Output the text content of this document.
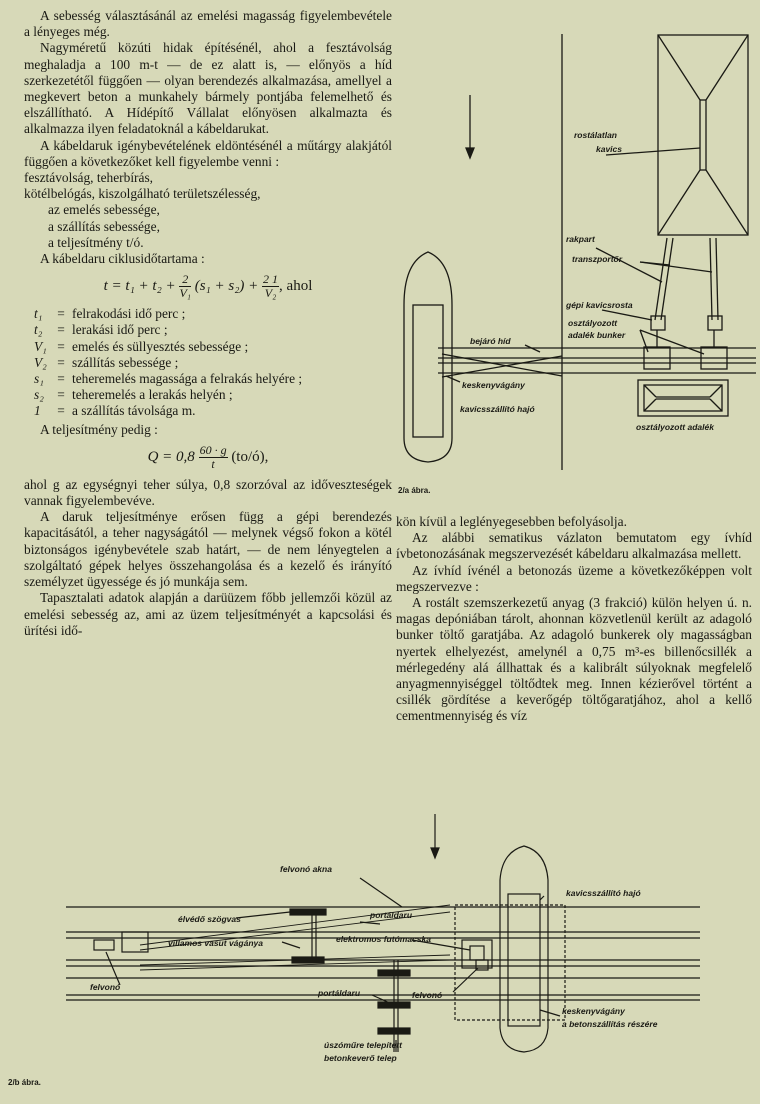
A sebesség választásánál az emelési magasság figyelembevétele a lényeges még.

Nagyméretű közúti hidak építésénél, ahol a fesztávolság meghaladja a 100 m-t — de ez alatt is, — előnyös a híd szerkezetétől függően — olyan berendezés alkalmazása, amellyel a megkevert beton a munkahely bármely pontjába felemelhető és elszállítható. A Hídépítő Vállalat előnyösen alkalmazta és alkalmazza ilyen feladatoknál a kábeldarukat.

A kábeldaruk igénybevételének eldöntésénél a műtárgy alakjától függően a következőket kell figyelembe venni :

fesztávolság, teherbírás,

kötélbelógás, kiszolgálható területszélesség,

az emelés sebessége,

a szállítás sebessége,

a teljesítmény t/ó.

A kábeldaru ciklusidőtartama :

$t = t_1 + t_2 + \frac{2}{\text{V₁}} (s_1 + s_2) + \frac{2 1}{\text{V₂}}$ , ahol
t₁	= felrakodási idő perc ;
t₂	= lerakási idő perc ;
V₁ = emelés és süllyesztés sebessége ;
V₂ = szállítás sebessége ;
s₁ = teheremelés magassága a felrakás helyére ;
s₂ = teheremelés a lerakás helyén ;
1	= a szállítás távolsága m.

A teljesítmény pedig :

$Q = 0,8 \frac{60 \cdot g}{t}$ (to/ó),

ahol g az egységnyi teher súlya, 0,8 szorzóval az időveszteségek vannak figyelembevéve.

A daruk teljesítménye erősen függ a gépi berendezés kapacitásától, a teher nagyságától — melynek végső fokon a kötél biztonságos igénybevétele szab határt, — de nem lényegtelen a szolgáltató gépek helyes összehangolása és a kezelő és irányító személyzet ügyessége és jó munkája sem.

Tapasztalati adatok alapján a darüüzem főbb jellemzői közül az emelési sebesség az, ami az üzem teljesítményét a kapcsolási és ürítési idő-

rostálatlan
kavics
rakpart
transzportőr
gépi kavicsrosta
osztályozott
adalék bunker
bejáró híd
keskenyvágány
kavicsszállító hajó
osztályozott adalék
2/a ábra.

kön kívül a leglényegesebben befolyásolja.

Az alábbi sematikus vázlaton bemutatom egy ívhíd ívbetonozásának megszervezését kábeldaru alkalmazása mellett.

Az ívhíd ívénél a betonozás üzeme a következőképpen volt megszervezve :

A rostált szemszerkezetű anyag (3 frakció) külön helyen ú. n. magas depóniában tárolt, ahonnan közvetlenül került az adagoló bunker töltő garatjába. Az adagoló bunkerek oly magasságban nyertek elhelyezést, amelynél a 0,75 m³-es billenőcsillék a mérlegedény alá állhattak és a kalibrált súlyoknak megfelelő anyagmennyiséggel töltődtek meg. Innen kézierővel történt a csillék gördítése a keverőgép töltőgaratjához, ahol a kellő cementmennyiség és víz

felvonó akna
élvédő szögvas
villamos vasut vágánya
portáldaru
elektromos futómacska
kavicsszállító hajó
felvonó
portáldaru	felvonó
keskenyvágány
a betonszállítás részére
úszóműre telepített
betonkeverő telep
2/b ábra.
